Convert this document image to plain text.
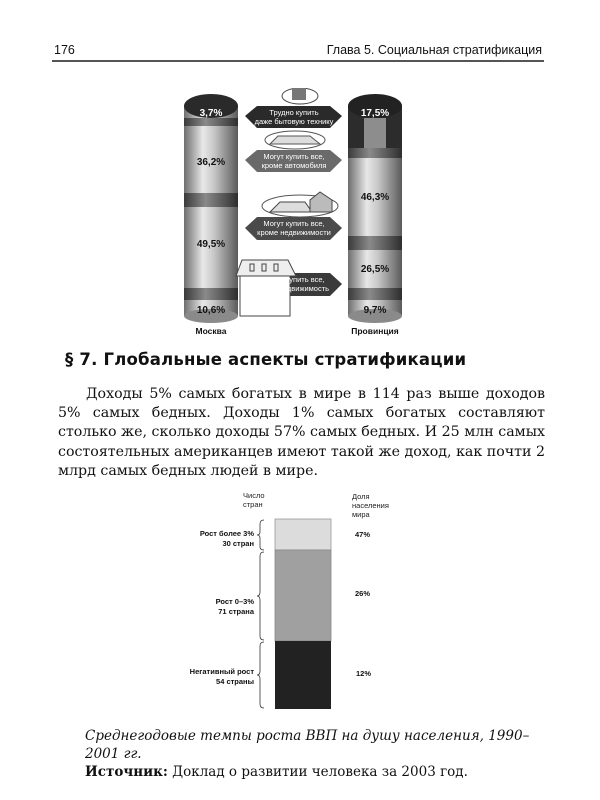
176	Глава 5. Социальная стратификация
3,7%
36,2%
49,5%
10,6%
17,5%
46,3%
26,5%
9,7%
Трудно купить
даже бытовую технику
Могут купить все,
кроме автомобиля
Могут купить все,
кроме недвижимости
Могут купить все,
даже недвижимость
Москва	Провинция
§ 7. Глобальные аспекты стратификации

Доходы 5% самых богатых в мире в 114 раз выше доходов 5% самых бедных. Доходы 1% самых богатых составляют столько же, сколько доходы 57% самых бедных. И 25 млн самых состоятельных американцев имеют такой же доход, как почти 2 млрд самых бедных людей в мире.

Число
стран
Доля
населения
мира
Рост более 3%
30 стран
Рост 0–3%
71 страна
Негативный рост
54 страны
47%
26%
12%
Среднегодовые темпы роста ВВП на душу населения, 1990–2001 гг.
Источник: Доклад о развитии человека за 2003 год.
